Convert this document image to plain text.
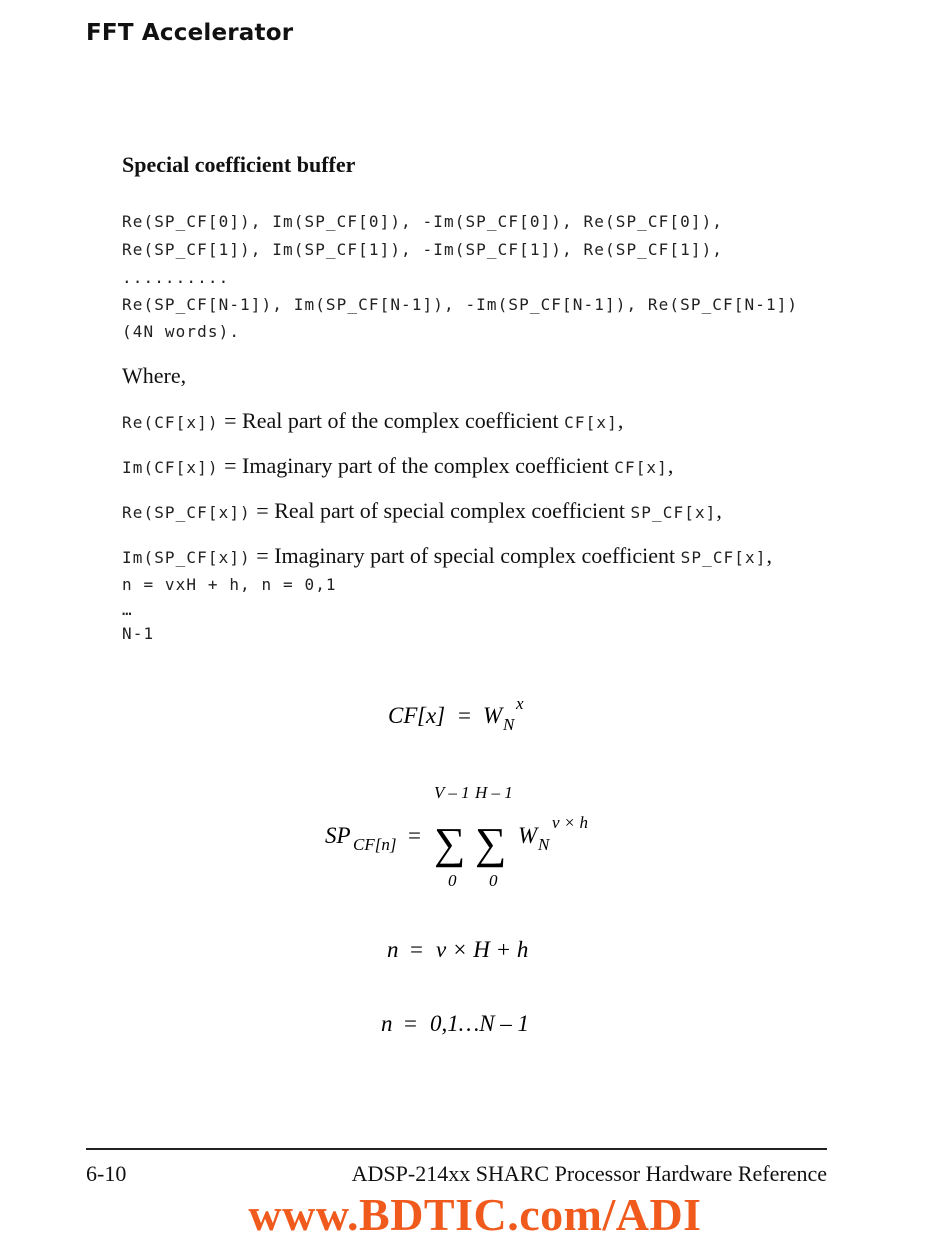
FFT Accelerator
Special coefficient buffer
Re(SP_CF[0]), Im(SP_CF[0]), -Im(SP_CF[0]), Re(SP_CF[0]),
Re(SP_CF[1]), Im(SP_CF[1]), -Im(SP_CF[1]), Re(SP_CF[1]),
..........
Re(SP_CF[N-1]), Im(SP_CF[N-1]), -Im(SP_CF[N-1]), Re(SP_CF[N-1])
(4N words).
Where,
Re(CF[x]) = Real part of the complex coefficient CF[x],
Im(CF[x]) = Imaginary part of the complex coefficient CF[x],
Re(SP_CF[x]) = Real part of special complex coefficient SP_CF[x],
Im(SP_CF[x]) = Imaginary part of special complex coefficient SP_CF[x],
n = vxH + h, n = 0,1
…
N-1
CF [x] = W N
x
V – 1 H – 1
SP CF[n] = ∑ ∑ W N
v × h
0 0
n = v × H + h
n = 0,1…N – 1
6-10	ADSP-214xx SHARC Processor Hardware Reference
www.BDTIC.com/ADI
